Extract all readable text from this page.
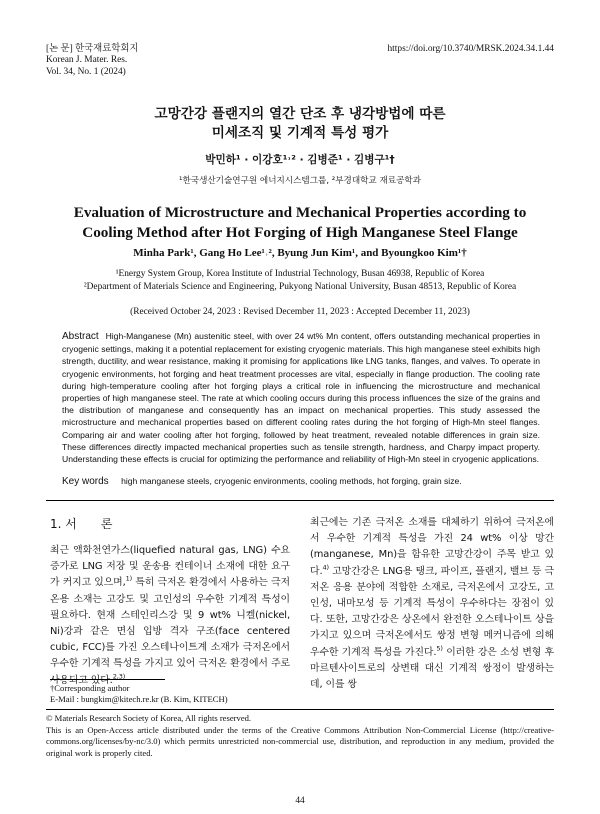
[논 문] 한국재료학회지
Korean J. Mater. Res.
Vol. 34, No. 1 (2024)
https://doi.org/10.3740/MRSK.2024.34.1.44
고망간강 플랜지의 열간 단조 후 냉각방법에 따른
미세조직 및 기계적 특성 평가
박민하¹ · 이강호¹˒² · 김병준¹ · 김병구¹†
¹한국생산기술연구원 에너지시스템그룹, ²부경대학교 재료공학과
Evaluation of Microstructure and Mechanical Properties according to
Cooling Method after Hot Forging of High Manganese Steel Flange
Minha Park¹, Gang Ho Lee¹˒², Byung Jun Kim¹, and Byoungkoo Kim¹†
¹Energy System Group, Korea Institute of Industrial Technology, Busan 46938, Republic of Korea
²Department of Materials Science and Engineering, Pukyong National University, Busan 48513, Republic of Korea
(Received October 24, 2023 : Revised December 11, 2023 : Accepted December 11, 2023)
Abstract High-Manganese (Mn) austenitic steel, with over 24 wt% Mn content, offers outstanding mechanical properties in cryogenic settings, making it a potential replacement for existing cryogenic materials. This high manganese steel exhibits high strength, ductility, and wear resistance, making it promising for applications like LNG tanks, flanges, and valves. To operate in cryogenic environments, hot forging and heat treatment processes are vital, especially in flange production. The cooling rate during high-temperature cooling after hot forging plays a critical role in influencing the microstructure and mechanical properties of high manganese steel. The rate at which cooling occurs during this process influences the size of the grains and the distribution of manganese and consequently has an impact on mechanical properties. This study assessed the microstructure and mechanical properties based on different cooling rates during the hot forging of High-Mn steel flanges. Comparing air and water cooling after hot forging, followed by heat treatment, revealed notable differences in grain size. These differences directly impacted mechanical properties such as tensile strength, hardness, and Charpy impact property. Understanding these effects is crucial for optimizing the performance and reliability of High-Mn steel in cryogenic applications.
Key words high manganese steels, cryogenic environments, cooling methods, hot forging, grain size.
1. 서　　론
최근 액화천연가스(liquefied natural gas, LNG) 수요 증가로 LNG 저장 및 운송용 컨테이너 소재에 대한 요구가 커지고 있으며,$^{1)}$ 특히 극저온 환경에서 사용하는 극저온용 소재는 고강도 및 고인성의 우수한 기계적 특성이 필요하다. 현재 스테인리스강 및 9 wt% 니켈(nickel, Ni)강과 같은 면심 입방 격자 구조(face centered cubic, FCC)를 가진 오스테나이트계 소재가 극저온에서 우수한 기계적 특성을 가지고 있어 극저온 환경에서 주로 사용되고 있다.$^{2,3)}$
최근에는 기존 극저온 소재를 대체하기 위하여 극저온에서 우수한 기계적 특성을 가진 24 wt% 이상 망간(manganese, Mn)을 함유한 고망간강이 주목 받고 있다.$^{4)}$ 고망간강은 LNG용 탱크, 파이프, 플랜지, 밸브 등 극저온 응용 분야에 적합한 소재로, 극저온에서 고강도, 고인성, 내마모성 등 기계적 특성이 우수하다는 장점이 있다. 또한, 고망간강은 상온에서 완전한 오스테나이트 상을 가지고 있으며 극저온에서도 쌍정 변형 메커니즘에 의해 우수한 기계적 특성을 가진다.$^{5)}$ 이러한 강은 소성 변형 후 마르텐사이트로의 상변태 대신 기계적 쌍정이 발생하는데, 이를 쌍
†Corresponding author
E-Mail : bungkim@kitech.re.kr (B. Kim, KITECH)
© Materials Research Society of Korea, All rights reserved.
This is an Open-Access article distributed under the terms of the Creative Commons Attribution Non-Commercial License (http://creative-commons.org/licenses/by-nc/3.0) which permits unrestricted non-commercial use, distribution, and reproduction in any medium, provided the original work is properly cited.
44
